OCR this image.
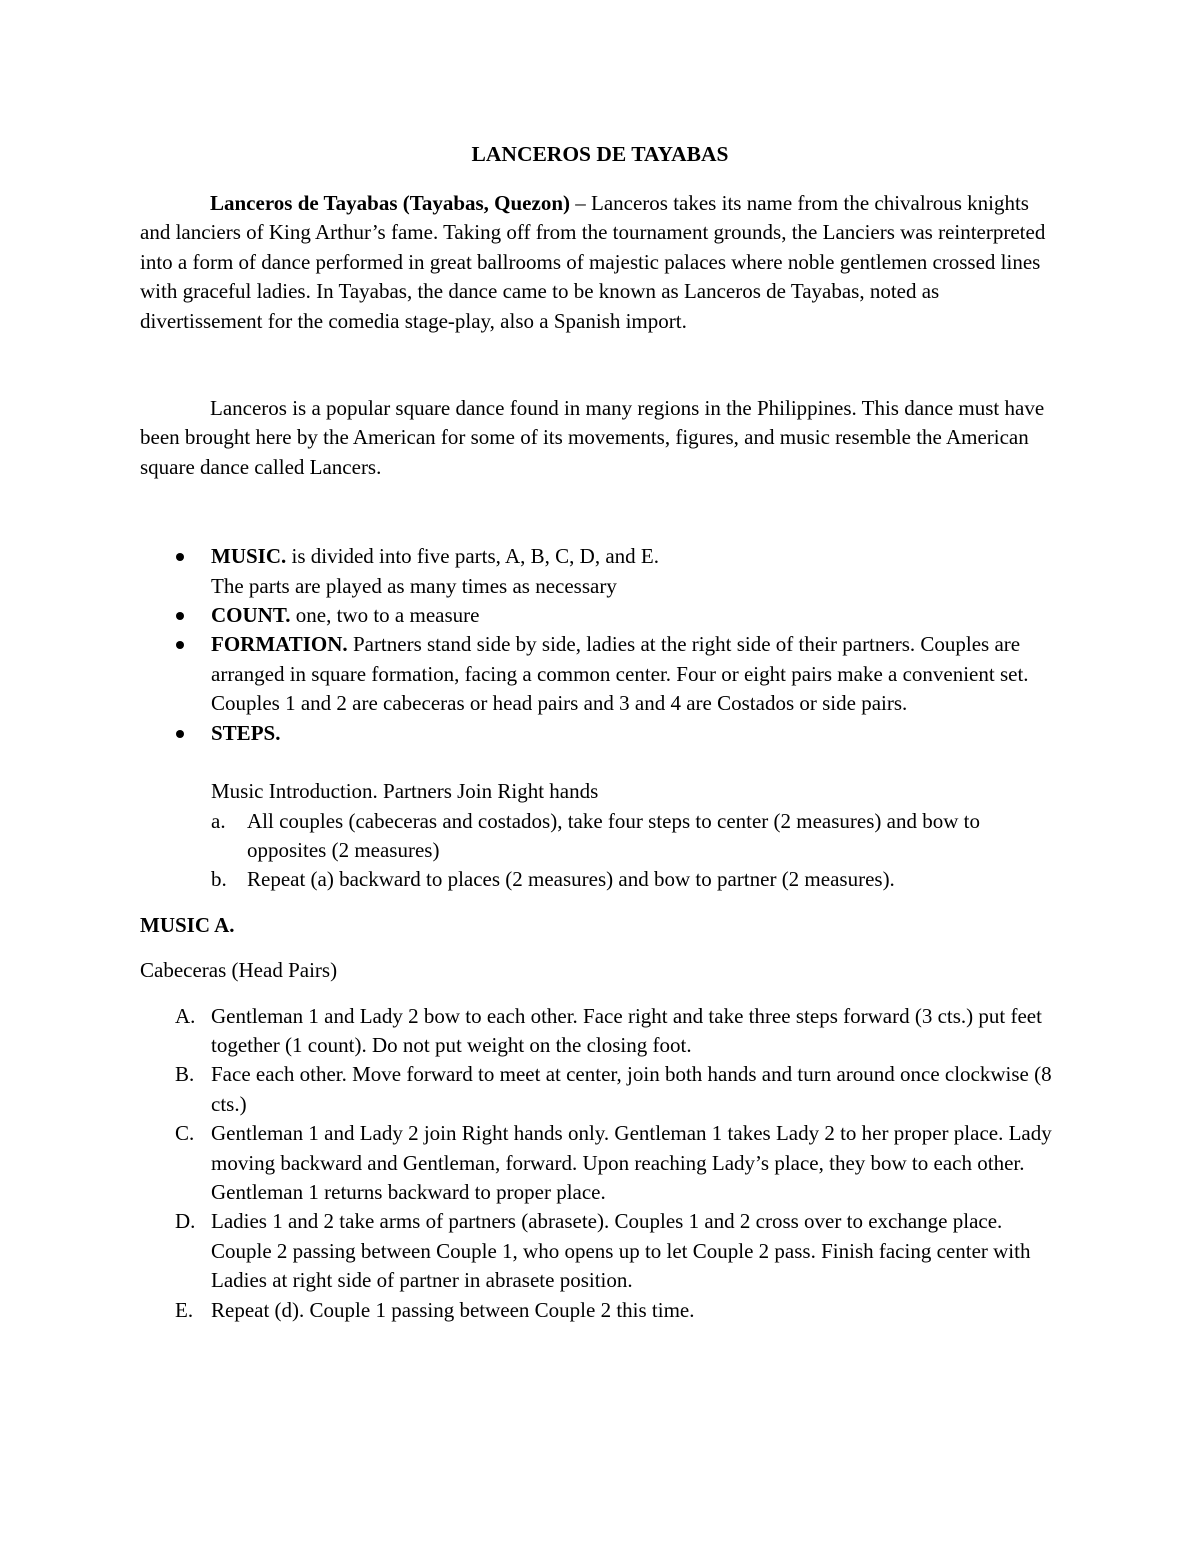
LANCEROS DE TAYABAS

Lanceros de Tayabas (Tayabas, Quezon) – Lanceros takes its name from the chivalrous knights and lanciers of King Arthur’s fame. Taking off from the tournament grounds, the Lanciers was reinterpreted into a form of dance performed in great ballrooms of majestic palaces where noble gentlemen crossed lines with graceful ladies. In Tayabas, the dance came to be known as Lanceros de Tayabas, noted as divertissement for the comedia stage-play, also a Spanish import.

Lanceros is a popular square dance found in many regions in the Philippines. This dance must have been brought here by the American for some of its movements, figures, and music resemble the American square dance called Lancers.

MUSIC. is divided into five parts, A, B, C, D, and E.
The parts are played as many times as necessary
COUNT. one, two to a measure
FORMATION. Partners stand side by side, ladies at the right side of their partners. Couples are arranged in square formation, facing a common center. Four or eight pairs make a convenient set. Couples 1 and 2 are cabeceras or head pairs and 3 and 4 are Costados or side pairs.
STEPS.

Music Introduction. Partners Join Right hands

a. All couples (cabeceras and costados), take four steps to center (2 measures) and bow to opposites (2 measures)
b. Repeat (a) backward to places (2 measures) and bow to partner (2 measures).

MUSIC A.

Cabeceras (Head Pairs)

A. Gentleman 1 and Lady 2 bow to each other. Face right and take three steps forward (3 cts.) put feet together (1 count). Do not put weight on the closing foot.
B. Face each other. Move forward to meet at center, join both hands and turn around once clockwise (8 cts.)
C. Gentleman 1 and Lady 2 join Right hands only. Gentleman 1 takes Lady 2 to her proper place. Lady moving backward and Gentleman, forward. Upon reaching Lady’s place, they bow to each other. Gentleman 1 returns backward to proper place.
D. Ladies 1 and 2 take arms of partners (abrasete). Couples 1 and 2 cross over to exchange place. Couple 2 passing between Couple 1, who opens up to let Couple 2 pass. Finish facing center with Ladies at right side of partner in abrasete position.
E. Repeat (d). Couple 1 passing between Couple 2 this time.
